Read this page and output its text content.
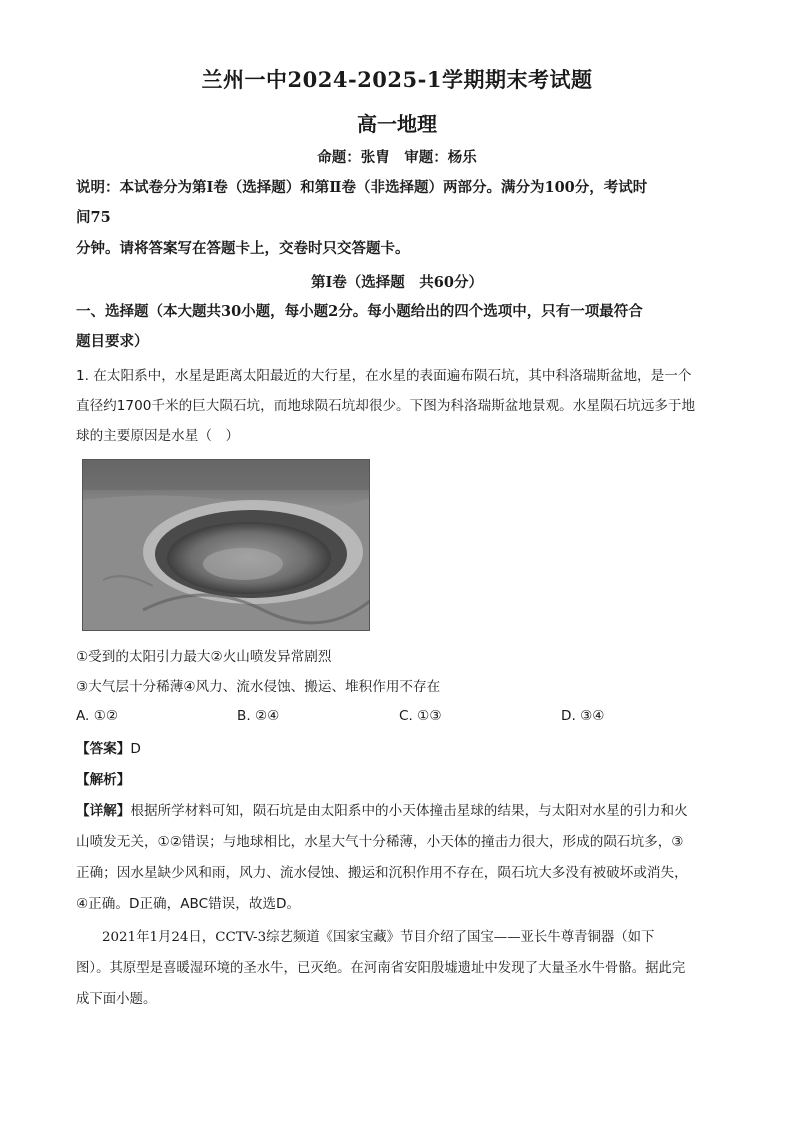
兰州一中2024-2025-1学期期末考试题
高一地理
命题：张胄　审题：杨乐
说明：本试卷分为第Ⅰ卷（选择题）和第Ⅱ卷（非选择题）两部分。满分为100分，考试时
间75
分钟。请将答案写在答题卡上，交卷时只交答题卡。
第Ⅰ卷（选择题　共60分）
一、选择题（本大题共30小题，每小题2分。每小题给出的四个选项中，只有一项最符合
题目要求）
1. 在太阳系中，水星是距离太阳最近的大行星，在水星的表面遍布陨石坑，其中科洛瑞斯盆地，是一个
直径约1700千米的巨大陨石坑，而地球陨石坑却很少。下图为科洛瑞斯盆地景观。水星陨石坑远多于地
球的主要原因是水星（　）
①受到的太阳引力最大②火山喷发异常剧烈
③大气层十分稀薄④风力、流水侵蚀、搬运、堆积作用不存在
A. ①②	B. ②④	C. ①③	D. ③④
【答案】D
【解析】
【详解】根据所学材料可知，陨石坑是由太阳系中的小天体撞击星球的结果，与太阳对水星的引力和火
山喷发无关，①②错误；与地球相比，水星大气十分稀薄，小天体的撞击力很大，形成的陨石坑多，③
正确；因水星缺少风和雨，风力、流水侵蚀、搬运和沉积作用不存在，陨石坑大多没有被破坏或消失，
④正确。D正确，ABC错误，故选D。
2021年1月24日，CCTV-3综艺频道《国家宝藏》节目介绍了国宝——亚长牛尊青铜器（如下
图）。其原型是喜暖湿环境的圣水牛，已灭绝。在河南省安阳殷墟遗址中发现了大量圣水牛骨骼。据此完
成下面小题。
